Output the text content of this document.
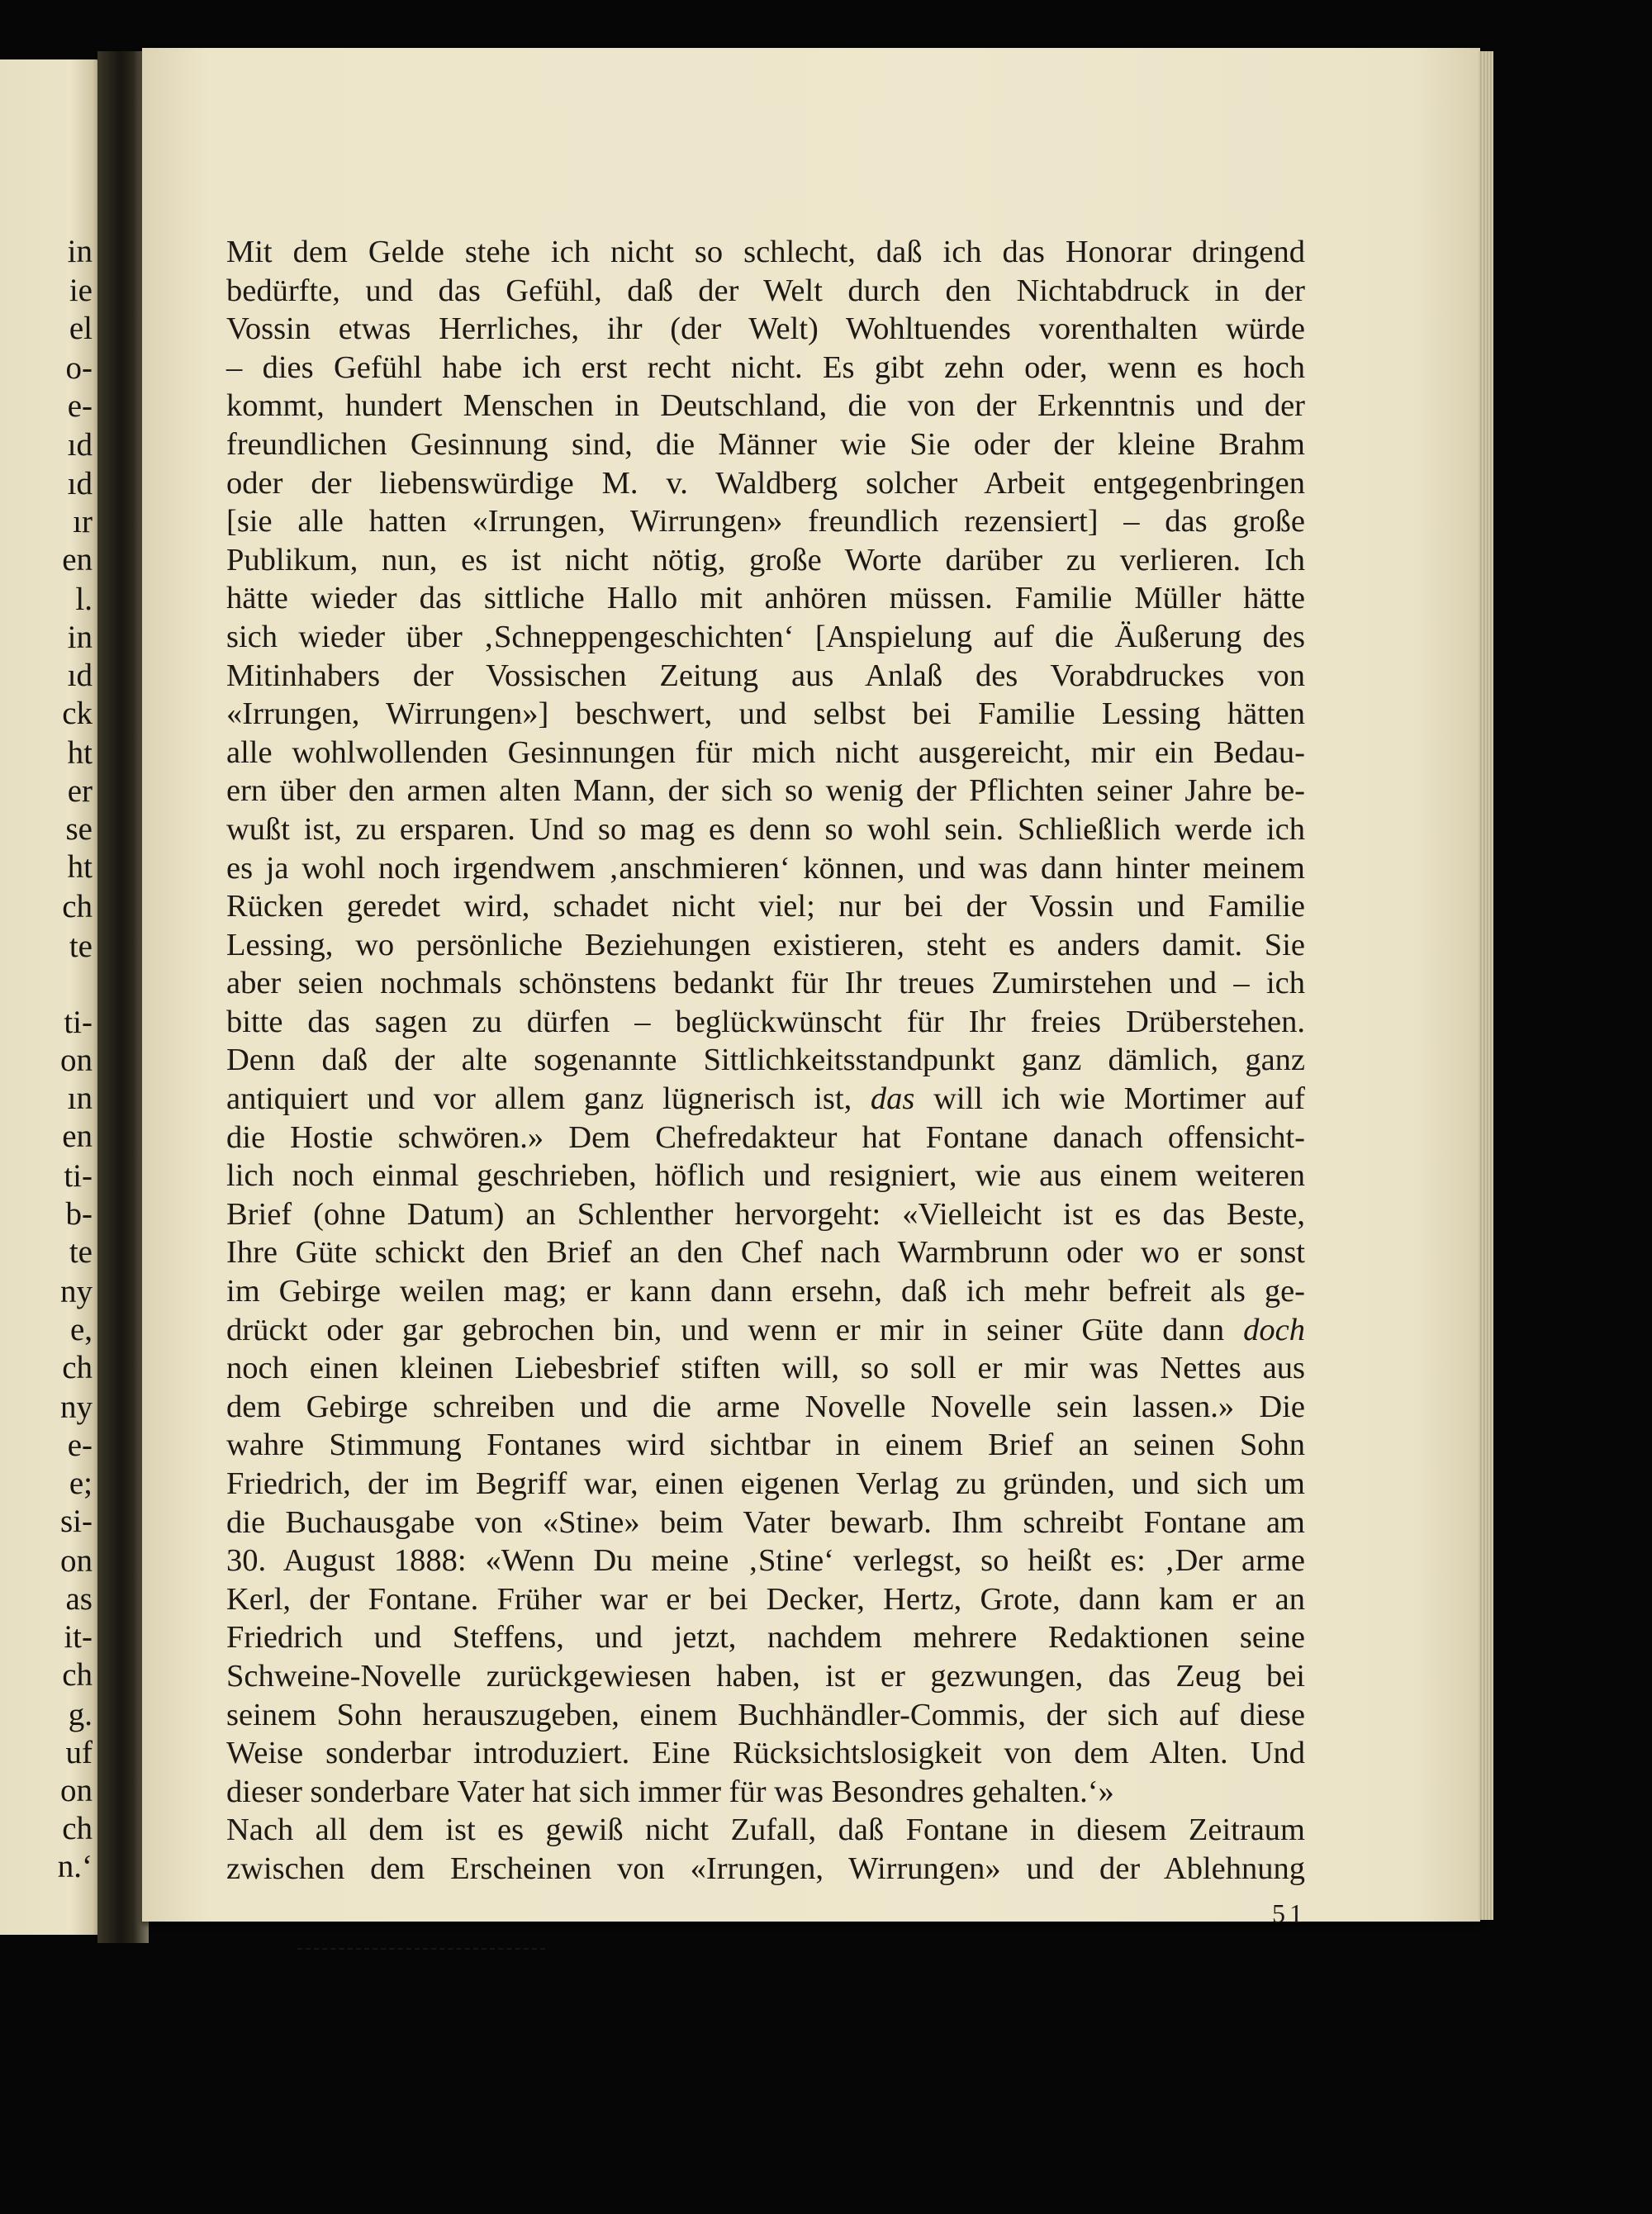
in
ie
el
o-
e-
ıd
ıd
ır
en
l.
in
ıd
ck
ht
er
se
ht
ch
te
ti-
on
ın
en
ti-
b-
te
ny
e,
ch
ny
e-
e;
si-
on
as
it-
ch
g.
uf
on
ch
n.‘
Mit dem Gelde stehe ich nicht so schlecht, daß ich das Honorar dringend
bedürfte, und das Gefühl, daß der Welt durch den Nichtabdruck in der
Vossin etwas Herrliches, ihr (der Welt) Wohltuendes vorenthalten würde
– dies Gefühl habe ich erst recht nicht. Es gibt zehn oder, wenn es hoch
kommt, hundert Menschen in Deutschland, die von der Erkenntnis und der
freundlichen Gesinnung sind, die Männer wie Sie oder der kleine Brahm
oder der liebenswürdige M. v. Waldberg solcher Arbeit entgegenbringen
[sie alle hatten «Irrungen, Wirrungen» freundlich rezensiert] – das große
Publikum, nun, es ist nicht nötig, große Worte darüber zu verlieren. Ich
hätte wieder das sittliche Hallo mit anhören müssen. Familie Müller hätte
sich wieder über ‚Schneppengeschichten‘ [Anspielung auf die Äußerung des
Mitinhabers der Vossischen Zeitung aus Anlaß des Vorabdruckes von
«Irrungen, Wirrungen»] beschwert, und selbst bei Familie Lessing hätten
alle wohlwollenden Gesinnungen für mich nicht ausgereicht, mir ein Bedau-
ern über den armen alten Mann, der sich so wenig der Pflichten seiner Jahre be-
wußt ist, zu ersparen. Und so mag es denn so wohl sein. Schließlich werde ich
es ja wohl noch irgendwem ‚anschmieren‘ können, und was dann hinter meinem
Rücken geredet wird, schadet nicht viel; nur bei der Vossin und Familie
Lessing, wo persönliche Beziehungen existieren, steht es anders damit. Sie
aber seien nochmals schönstens bedankt für Ihr treues Zumirstehen und – ich
bitte das sagen zu dürfen – beglückwünscht für Ihr freies Drüberstehen.
Denn daß der alte sogenannte Sittlichkeitsstandpunkt ganz dämlich, ganz
antiquiert und vor allem ganz lügnerisch ist, das will ich wie Mortimer auf
die Hostie schwören.» Dem Chefredakteur hat Fontane danach offensicht-
lich noch einmal geschrieben, höflich und resigniert, wie aus einem weiteren
Brief (ohne Datum) an Schlenther hervorgeht: «Vielleicht ist es das Beste,
Ihre Güte schickt den Brief an den Chef nach Warmbrunn oder wo er sonst
im Gebirge weilen mag; er kann dann ersehn, daß ich mehr befreit als ge-
drückt oder gar gebrochen bin, und wenn er mir in seiner Güte dann doch
noch einen kleinen Liebesbrief stiften will, so soll er mir was Nettes aus
dem Gebirge schreiben und die arme Novelle Novelle sein lassen.» Die
wahre Stimmung Fontanes wird sichtbar in einem Brief an seinen Sohn
Friedrich, der im Begriff war, einen eigenen Verlag zu gründen, und sich um
die Buchausgabe von «Stine» beim Vater bewarb. Ihm schreibt Fontane am
30. August 1888: «Wenn Du meine ‚Stine‘ verlegst, so heißt es: ‚Der arme
Kerl, der Fontane. Früher war er bei Decker, Hertz, Grote, dann kam er an
Friedrich und Steffens, und jetzt, nachdem mehrere Redaktionen seine
Schweine-Novelle zurückgewiesen haben, ist er gezwungen, das Zeug bei
seinem Sohn herauszugeben, einem Buchhändler-Commis, der sich auf diese
Weise sonderbar introduziert. Eine Rücksichtslosigkeit von dem Alten. Und
dieser sonderbare Vater hat sich immer für was Besondres gehalten.‘»
Nach all dem ist es gewiß nicht Zufall, daß Fontane in diesem Zeitraum
zwischen dem Erscheinen von «Irrungen, Wirrungen» und der Ablehnung
51
